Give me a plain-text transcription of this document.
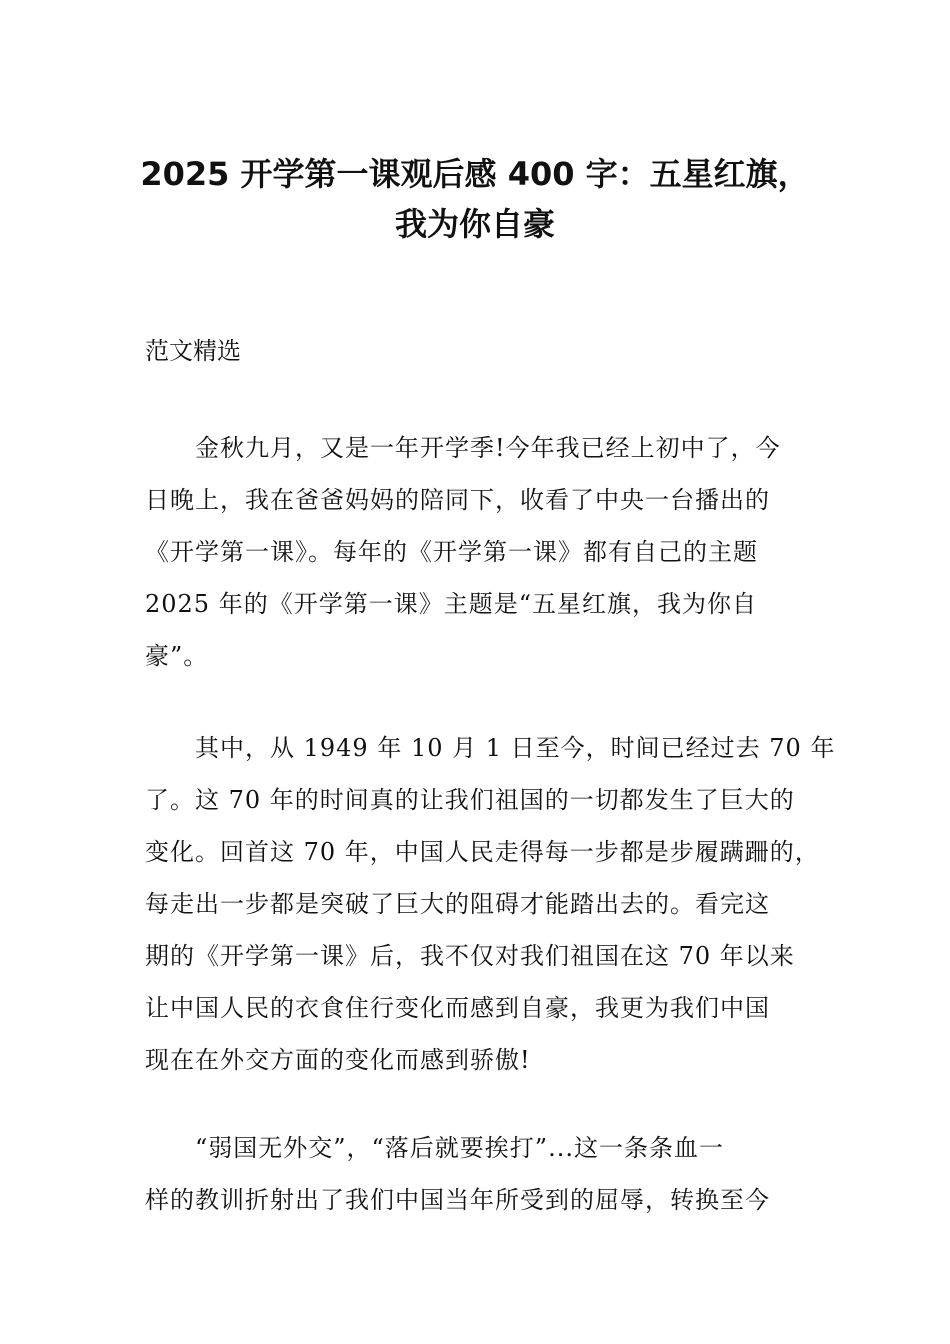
2025 开学第一课观后感 400 字：五星红旗，
我为你自豪
范文精选
金秋九月，又是一年开学季!今年我已经上初中了，今
日晚上，我在爸爸妈妈的陪同下，收看了中央一台播出的
《开学第一课》。每年的《开学第一课》都有自己的主题
2025 年的《开学第一课》主题是“五星红旗，我为你自
豪”。
其中，从 1949 年 10 月 1 日至今，时间已经过去 70 年
了。这 70 年的时间真的让我们祖国的一切都发生了巨大的
变化。回首这 70 年，中国人民走得每一步都是步履蹒跚的，
每走出一步都是突破了巨大的阻碍才能踏出去的。看完这
期的《开学第一课》后，我不仅对我们祖国在这 70 年以来
让中国人民的衣食住行变化而感到自豪，我更为我们中国
现在在外交方面的变化而感到骄傲!
“弱国无外交”，“落后就要挨打”...这一条条血一
样的教训折射出了我们中国当年所受到的屈辱，转换至今
